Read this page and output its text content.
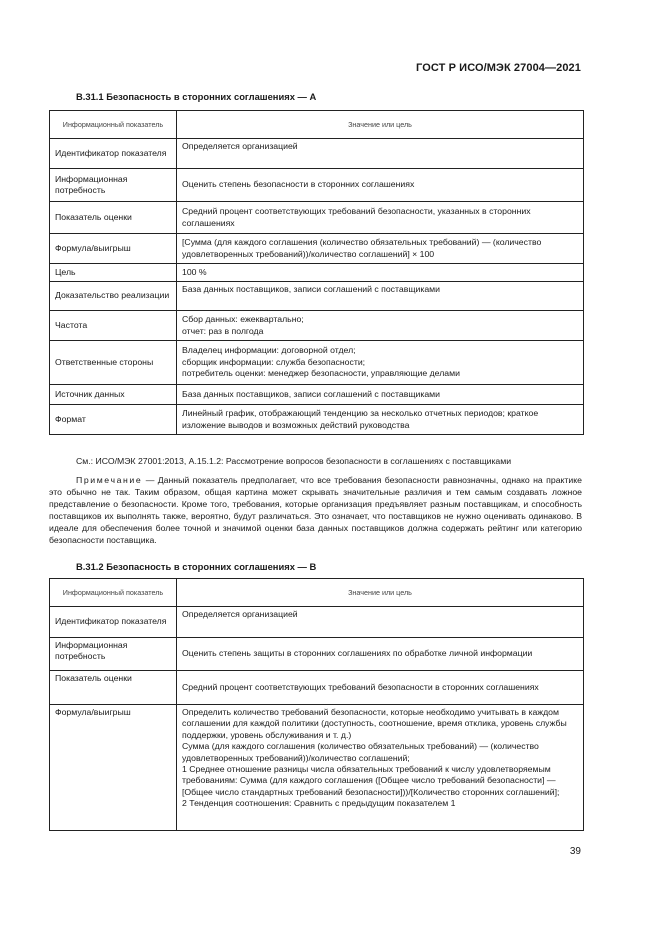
ГОСТ Р ИСО/МЭК 27004—2021
B.31.1 Безопасность в сторонних соглашениях — А
Информационный показатель	Значение или цель
Идентификатор показателя	Определяется организацией
Информационная потребность	Оценить степень безопасности в сторонних соглашениях
Показатель оценки	Средний процент соответствующих требований безопасности, указанных в сторонних соглашениях
Формула/выигрыш	[Сумма (для каждого соглашения (количество обязательных требований) — (количество удовлетворенных требований))/количество соглашений] × 100
Цель	100 %
Доказательство реализации	База данных поставщиков, записи соглашений с поставщиками
Частота	Сбор данных: ежеквартально;
отчет: раз в полгода
Ответственные стороны	Владелец информации: договорной отдел;
сборщик информации: служба безопасности;
потребитель оценки: менеджер безопасности, управляющие делами
Источник данных	База данных поставщиков, записи соглашений с поставщиками
Формат	Линейный график, отображающий тенденцию за несколько отчетных периодов; краткое изложение выводов и возможных действий руководства
См.: ИСО/МЭК 27001:2013, А.15.1.2: Рассмотрение вопросов безопасности в соглашениях с поставщиками
Примечание — Данный показатель предполагает, что все требования безопасности равнозначны, однако на практике это обычно не так. Таким образом, общая картина может скрывать значительные различия и тем самым создавать ложное представление о безопасности. Кроме того, требования, которые организация предъявляет разным поставщикам, и способность поставщиков их выполнять также, вероятно, будут различаться. Это означает, что поставщиков не нужно оценивать одинаково. В идеале для обеспечения более точной и значимой оценки база данных поставщиков должна содержать рейтинг или категорию безопасности поставщика.
B.31.2 Безопасность в сторонних соглашениях — В
Информационный показатель	Значение или цель
Идентификатор показателя	Определяется организацией
Информационная потребность	Оценить степень защиты в сторонних соглашениях по обработке личной информации
Показатель оценки	Средний процент соответствующих требований безопасности в сторонних соглашениях
Формула/выигрыш	Определить количество требований безопасности, которые необходимо учитывать в каждом соглашении для каждой политики (доступность, соотношение, время отклика, уровень службы поддержки, уровень обслуживания и т. д.)
Сумма (для каждого соглашения (количество обязательных требований) — (количество удовлетворенных требований))/количество соглашений;
1 Среднее отношение разницы числа обязательных требований к числу удовлетворяемым требованиям: Сумма (для каждого соглашения ([Общее число требований безопасности] — [Общее число стандартных требований безопасности]))/[Количество сторонних соглашений];
2 Тенденция соотношения: Сравнить с предыдущим показателем 1
39
